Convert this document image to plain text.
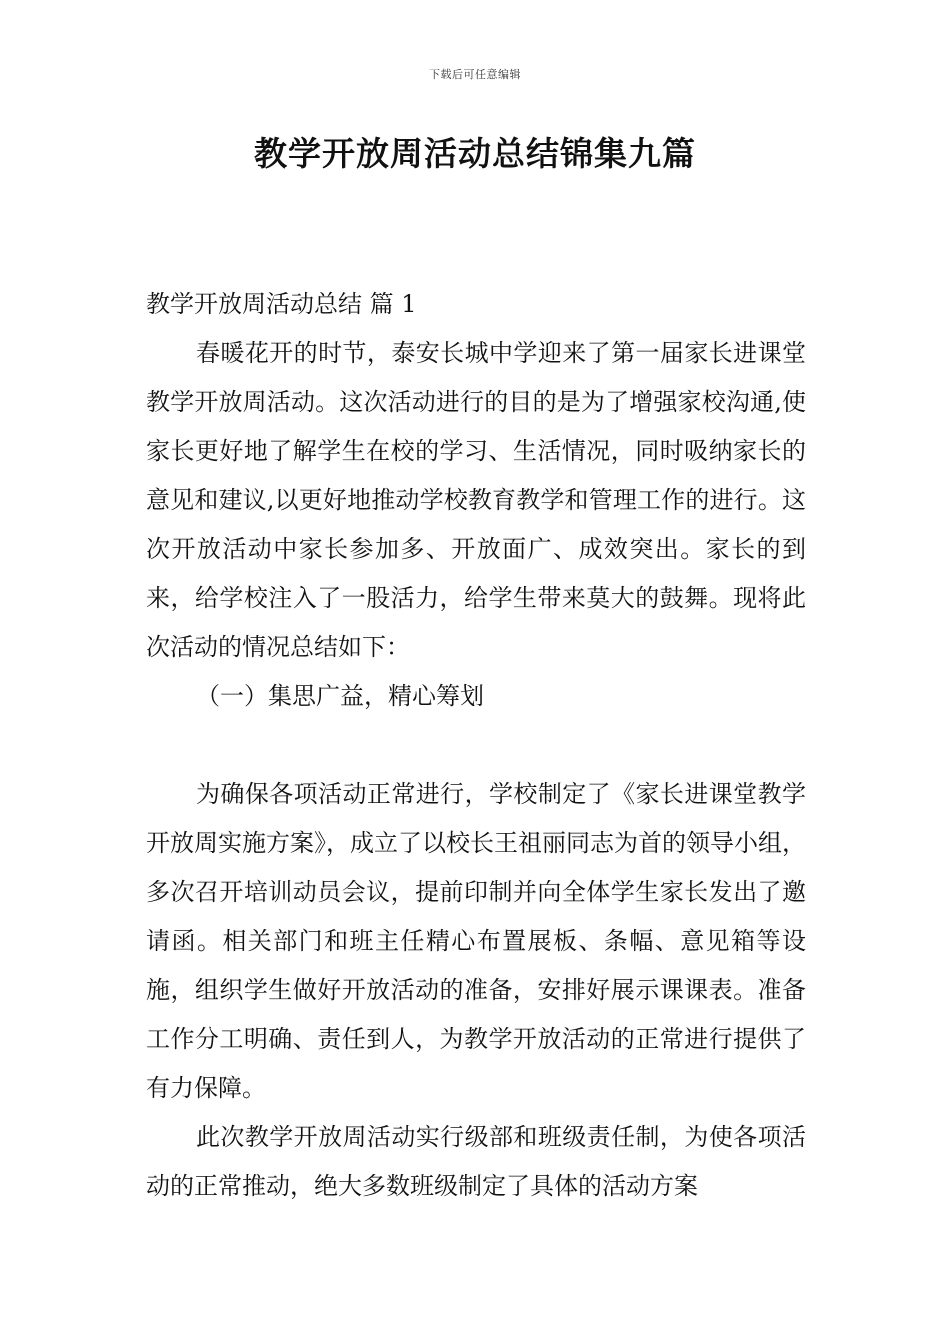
下载后可任意编辑
教学开放周活动总结锦集九篇

教学开放周活动总结 篇 1

春暖花开的时节，泰安长城中学迎来了第一届家长进课堂教学开放周活动。这次活动进行的目的是为了增强家校沟通,使家长更好地了解学生在校的学习、生活情况，同时吸纳家长的意见和建议,以更好地推动学校教育教学和管理工作的进行。这次开放活动中家长参加多、开放面广、成效突出。家长的到来，给学校注入了一股活力，给学生带来莫大的鼓舞。现将此次活动的情况总结如下：

（一）集思广益，精心筹划

为确保各项活动正常进行，学校制定了《家长进课堂教学开放周实施方案》，成立了以校长王祖丽同志为首的领导小组，多次召开培训动员会议，提前印制并向全体学生家长发出了邀请函。相关部门和班主任精心布置展板、条幅、意见箱等设施，组织学生做好开放活动的准备，安排好展示课课表。准备工作分工明确、责任到人，为教学开放活动的正常进行提供了有力保障。

此次教学开放周活动实行级部和班级责任制，为使各项活动的正常推动，绝大多数班级制定了具体的活动方案
